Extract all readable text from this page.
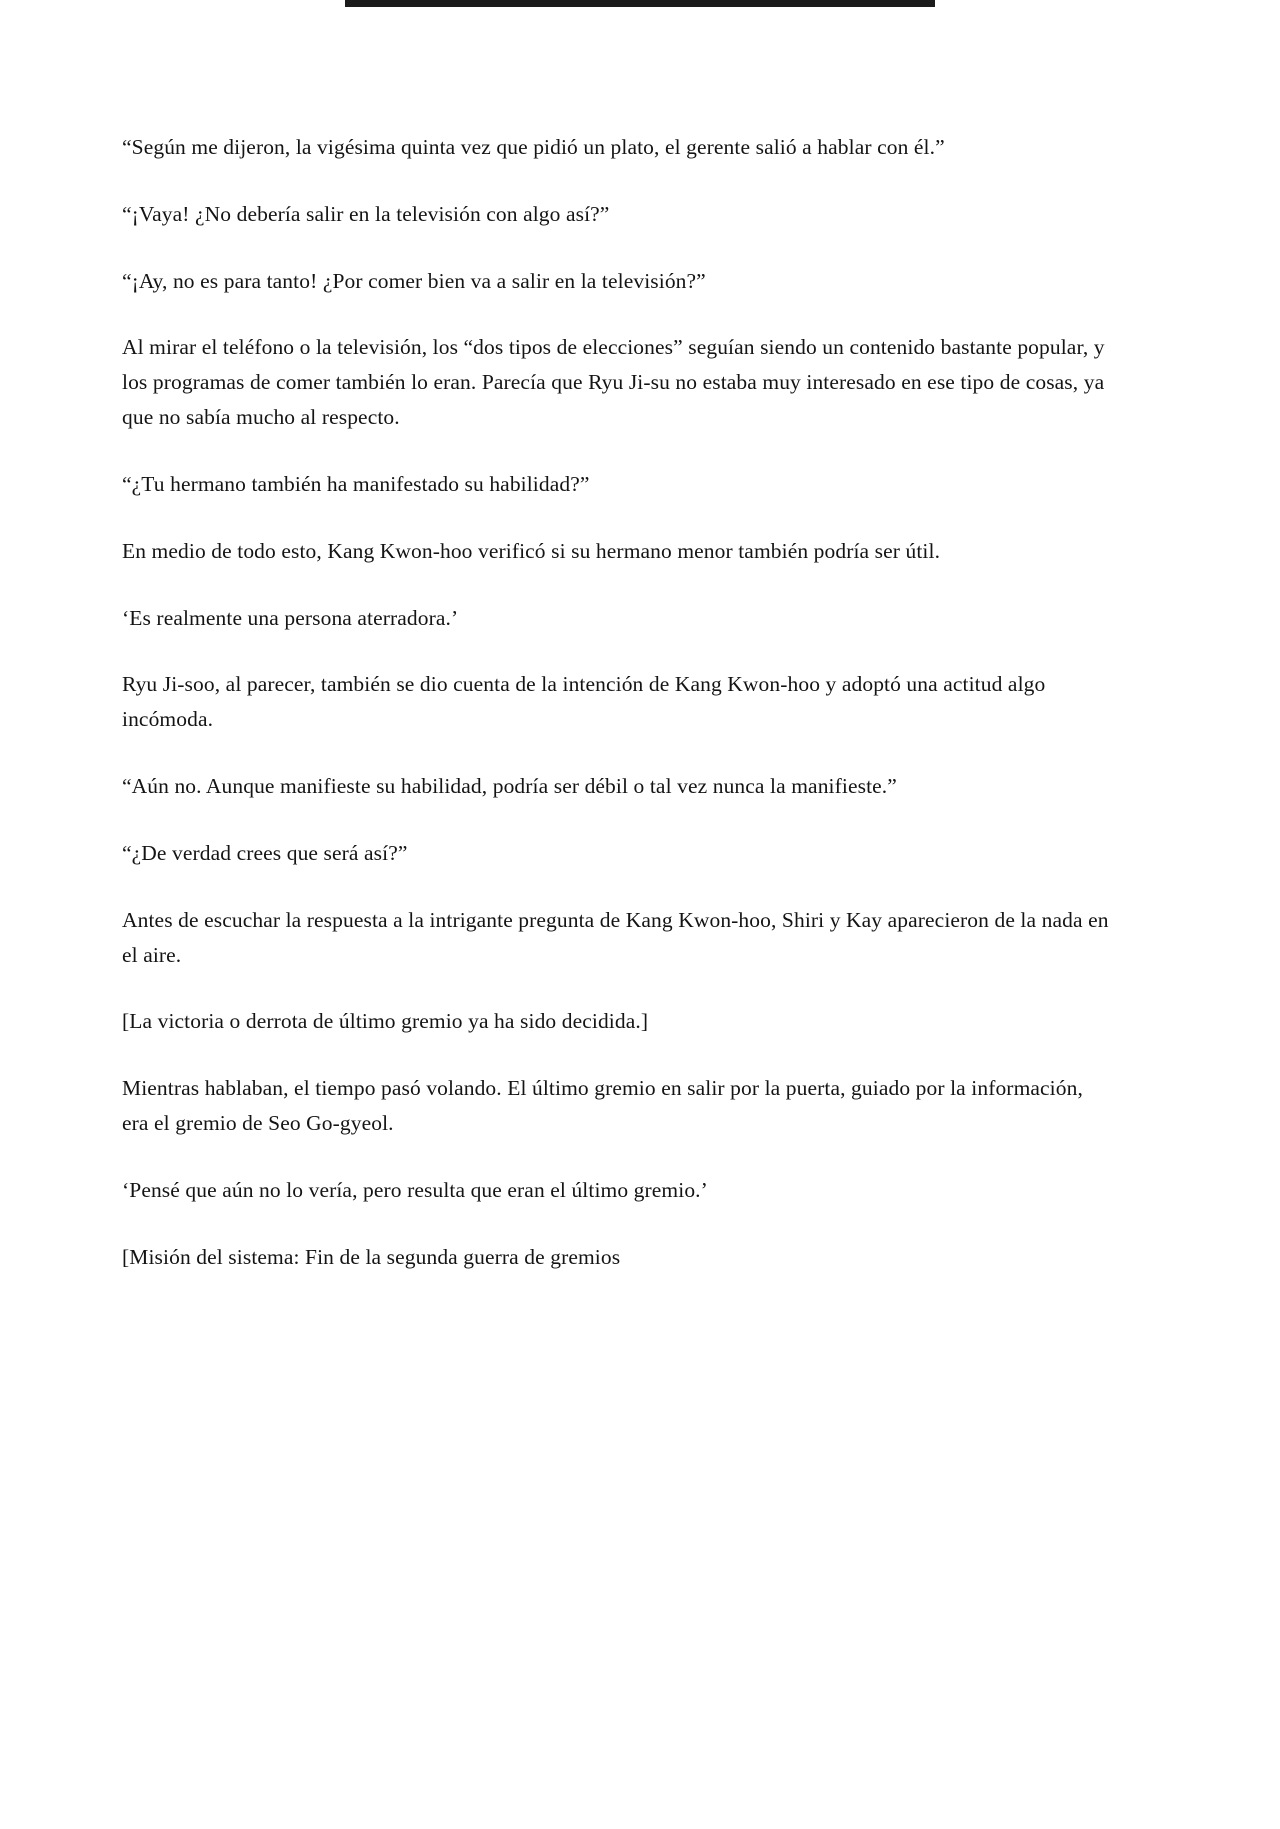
“Según me dijeron, la vigésima quinta vez que pidió un plato, el gerente salió a hablar con él.”

“¡Vaya! ¿No debería salir en la televisión con algo así?”

“¡Ay, no es para tanto! ¿Por comer bien va a salir en la televisión?”

Al mirar el teléfono o la televisión, los “dos tipos de elecciones” seguían siendo un contenido bastante popular, y los programas de comer también lo eran. Parecía que Ryu Ji-su no estaba muy interesado en ese tipo de cosas, ya que no sabía mucho al respecto.

“¿Tu hermano también ha manifestado su habilidad?”

En medio de todo esto, Kang Kwon-hoo verificó si su hermano menor también podría ser útil.

‘Es realmente una persona aterradora.’

Ryu Ji-soo, al parecer, también se dio cuenta de la intención de Kang Kwon-hoo y adoptó una actitud algo incómoda.

“Aún no. Aunque manifieste su habilidad, podría ser débil o tal vez nunca la manifieste.”

“¿De verdad crees que será así?”

Antes de escuchar la respuesta a la intrigante pregunta de Kang Kwon-hoo, Shiri y Kay aparecieron de la nada en el aire.

[La victoria o derrota de último gremio ya ha sido decidida.]

Mientras hablaban, el tiempo pasó volando. El último gremio en salir por la puerta, guiado por la información, era el gremio de Seo Go-gyeol.

‘Pensé que aún no lo vería, pero resulta que eran el último gremio.’

[Misión del sistema: Fin de la segunda guerra de gremios
